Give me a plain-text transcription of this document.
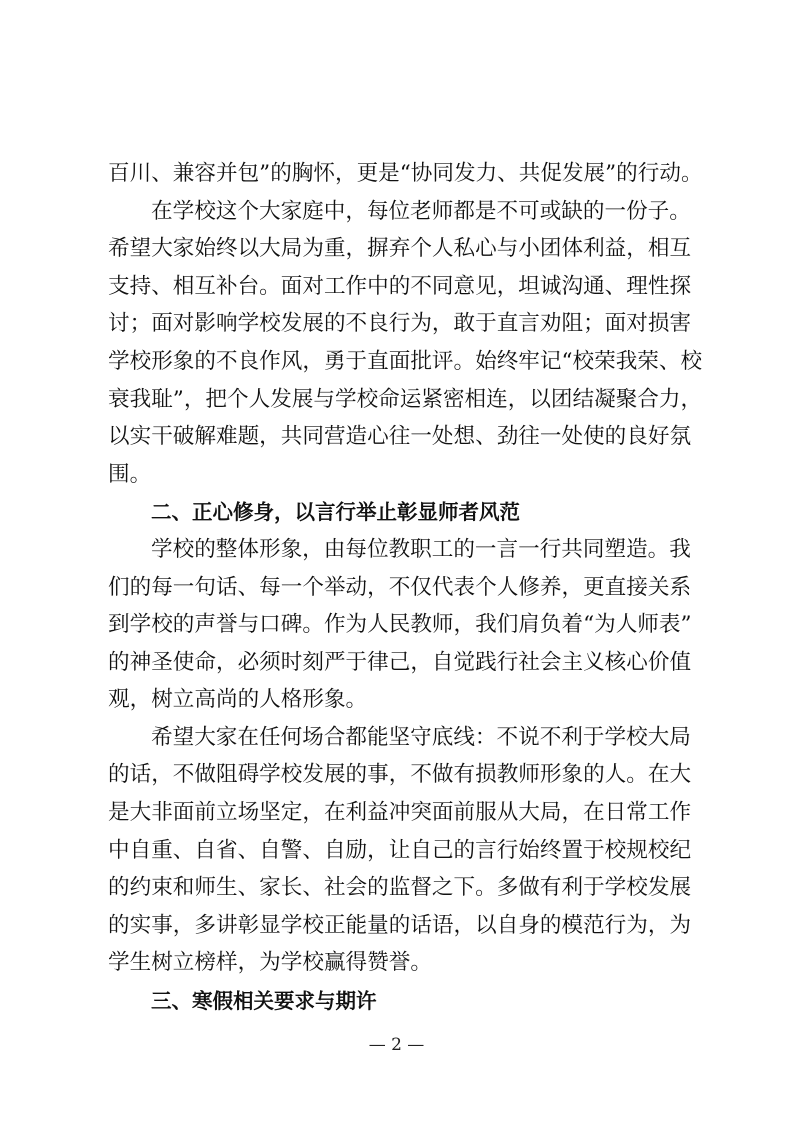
百川、兼容并包”的胸怀，更是“协同发力、共促发展”的行动。
在学校这个大家庭中，每位老师都是不可或缺的一份子。
希望大家始终以大局为重，摒弃个人私心与小团体利益，相互
支持、相互补台。面对工作中的不同意见，坦诚沟通、理性探
讨；面对影响学校发展的不良行为，敢于直言劝阻；面对损害
学校形象的不良作风，勇于直面批评。始终牢记“校荣我荣、校
衰我耻”，把个人发展与学校命运紧密相连，以团结凝聚合力，
以实干破解难题，共同营造心往一处想、劲往一处使的良好氛
围。
二、正心修身，以言行举止彰显师者风范
学校的整体形象，由每位教职工的一言一行共同塑造。我
们的每一句话、每一个举动，不仅代表个人修养，更直接关系
到学校的声誉与口碑。作为人民教师，我们肩负着“为人师表”
的神圣使命，必须时刻严于律己，自觉践行社会主义核心价值
观，树立高尚的人格形象。
希望大家在任何场合都能坚守底线：不说不利于学校大局
的话，不做阻碍学校发展的事，不做有损教师形象的人。在大
是大非面前立场坚定，在利益冲突面前服从大局，在日常工作
中自重、自省、自警、自励，让自己的言行始终置于校规校纪
的约束和师生、家长、社会的监督之下。多做有利于学校发展
的实事，多讲彰显学校正能量的话语，以自身的模范行为，为
学生树立榜样，为学校赢得赞誉。
三、寒假相关要求与期许
— 2 —
